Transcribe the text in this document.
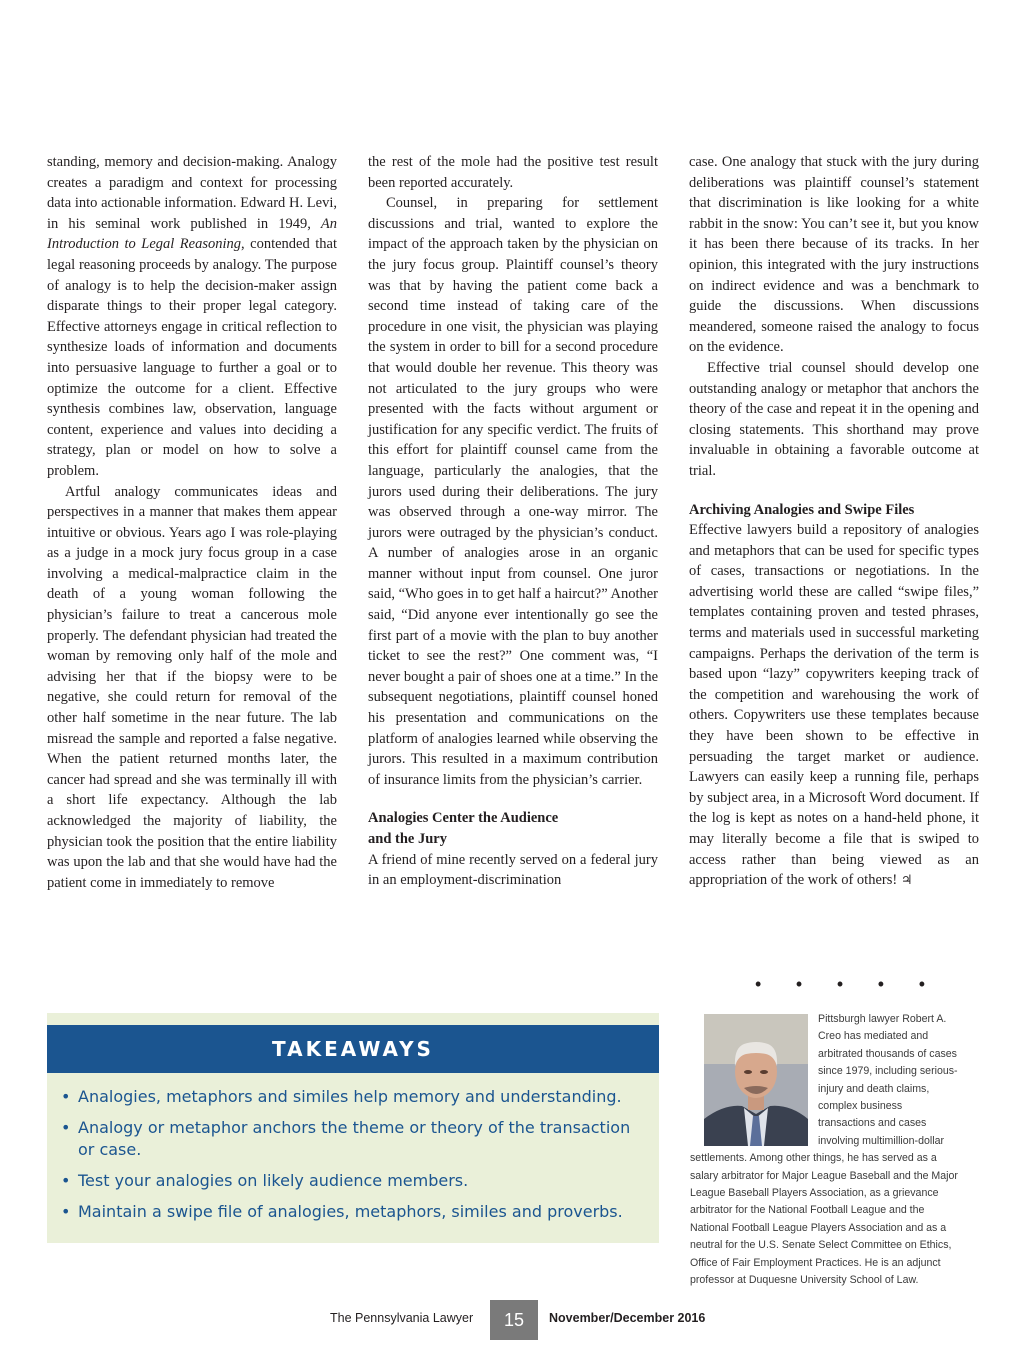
standing, memory and decision-making. Analogy creates a paradigm and context for processing data into actionable information. Edward H. Levi, in his seminal work published in 1949, An Introduction to Legal Reasoning, contended that legal reasoning proceeds by analogy. The purpose of analogy is to help the decision-maker assign disparate things to their proper legal category. Effective attorneys engage in critical reflection to synthesize loads of information and documents into persuasive language to further a goal or to optimize the outcome for a client. Effective synthesis combines law, observation, language content, experience and values into deciding a strategy, plan or model on how to solve a problem.

Artful analogy communicates ideas and perspectives in a manner that makes them appear intuitive or obvious. Years ago I was role-playing as a judge in a mock jury focus group in a case involving a medical-malpractice claim in the death of a young woman following the physician’s failure to treat a cancerous mole properly. The defendant physician had treated the woman by removing only half of the mole and advising her that if the biopsy were to be negative, she could return for removal of the other half sometime in the near future. The lab misread the sample and reported a false negative. When the patient returned months later, the cancer had spread and she was terminally ill with a short life expectancy. Although the lab acknowledged the majority of liability, the physician took the position that the entire liability was upon the lab and that she would have had the patient come in immediately to remove

the rest of the mole had the positive test result been reported accurately.

Counsel, in preparing for settlement discussions and trial, wanted to explore the impact of the approach taken by the physician on the jury focus group. Plaintiff counsel’s theory was that by having the patient come back a second time instead of taking care of the procedure in one visit, the physician was playing the system in order to bill for a second procedure that would double her revenue. This theory was not articulated to the jury groups who were presented with the facts without argument or justification for any specific verdict. The fruits of this effort for plaintiff counsel came from the language, particularly the analogies, that the jurors used during their deliberations. The jury was observed through a one-way mirror. The jurors were outraged by the physician’s conduct. A number of analogies arose in an organic manner without input from counsel. One juror said, “Who goes in to get half a haircut?” Another said, “Did anyone ever intentionally go see the first part of a movie with the plan to buy another ticket to see the rest?” One comment was, “I never bought a pair of shoes one at a time.” In the subsequent negotiations, plaintiff counsel honed his presentation and communications on the platform of analogies learned while observing the jurors. This resulted in a maximum contribution of insurance limits from the physician’s carrier.

Analogies Center the Audience
and the Jury

A friend of mine recently served on a federal jury in an employment-discrimination

case. One analogy that stuck with the jury during deliberations was plaintiff counsel’s statement that discrimination is like looking for a white rabbit in the snow: You can’t see it, but you know it has been there because of its tracks. In her opinion, this integrated with the jury instructions on indirect evidence and was a benchmark to guide the discussions. When discussions meandered, someone raised the analogy to focus on the evidence.

Effective trial counsel should develop one outstanding analogy or metaphor that anchors the theory of the case and repeat it in the opening and closing statements. This shorthand may prove invaluable in obtaining a favorable outcome at trial.

Archiving Analogies and Swipe Files

Effective lawyers build a repository of analogies and metaphors that can be used for specific types of cases, transactions or negotiations. In the advertising world these are called “swipe files,” templates containing proven and tested phrases, terms and materials used in successful marketing campaigns. Perhaps the derivation of the term is based upon “lazy” copywriters keeping track of the competition and warehousing the work of others. Copywriters use these templates because they have been shown to be effective in persuading the target market or audience. Lawyers can easily keep a running file, perhaps by subject area, in a Microsoft Word document. If the log is kept as notes on a hand-held phone, it may literally become a file that is swiped to access rather than being viewed as an appropriation of the work of others! ♃

• • • • •
TAKEAWAYS
• Analogies, metaphors and similes help memory and understanding.
• Analogy or metaphor anchors the theme or theory of the transaction or case.
• Test your analogies on likely audience members.
• Maintain a swipe file of analogies, metaphors, similes and proverbs.
Pittsburgh lawyer Robert A. Creo has mediated and arbitrated thousands of cases since 1979, including serious-injury and death claims, complex business transactions and cases involving multimillion-dollar settlements. Among other things, he has served as a salary arbitrator for Major League Baseball and the Major League Baseball Players Association, as a grievance arbitrator for the National Football League and the National Football League Players Association and as a neutral for the U.S. Senate Select Committee on Ethics, Office of Fair Employment Practices. He is an adjunct professor at Duquesne University School of Law.
The Pennsylvania Lawyer	15	November/December 2016
